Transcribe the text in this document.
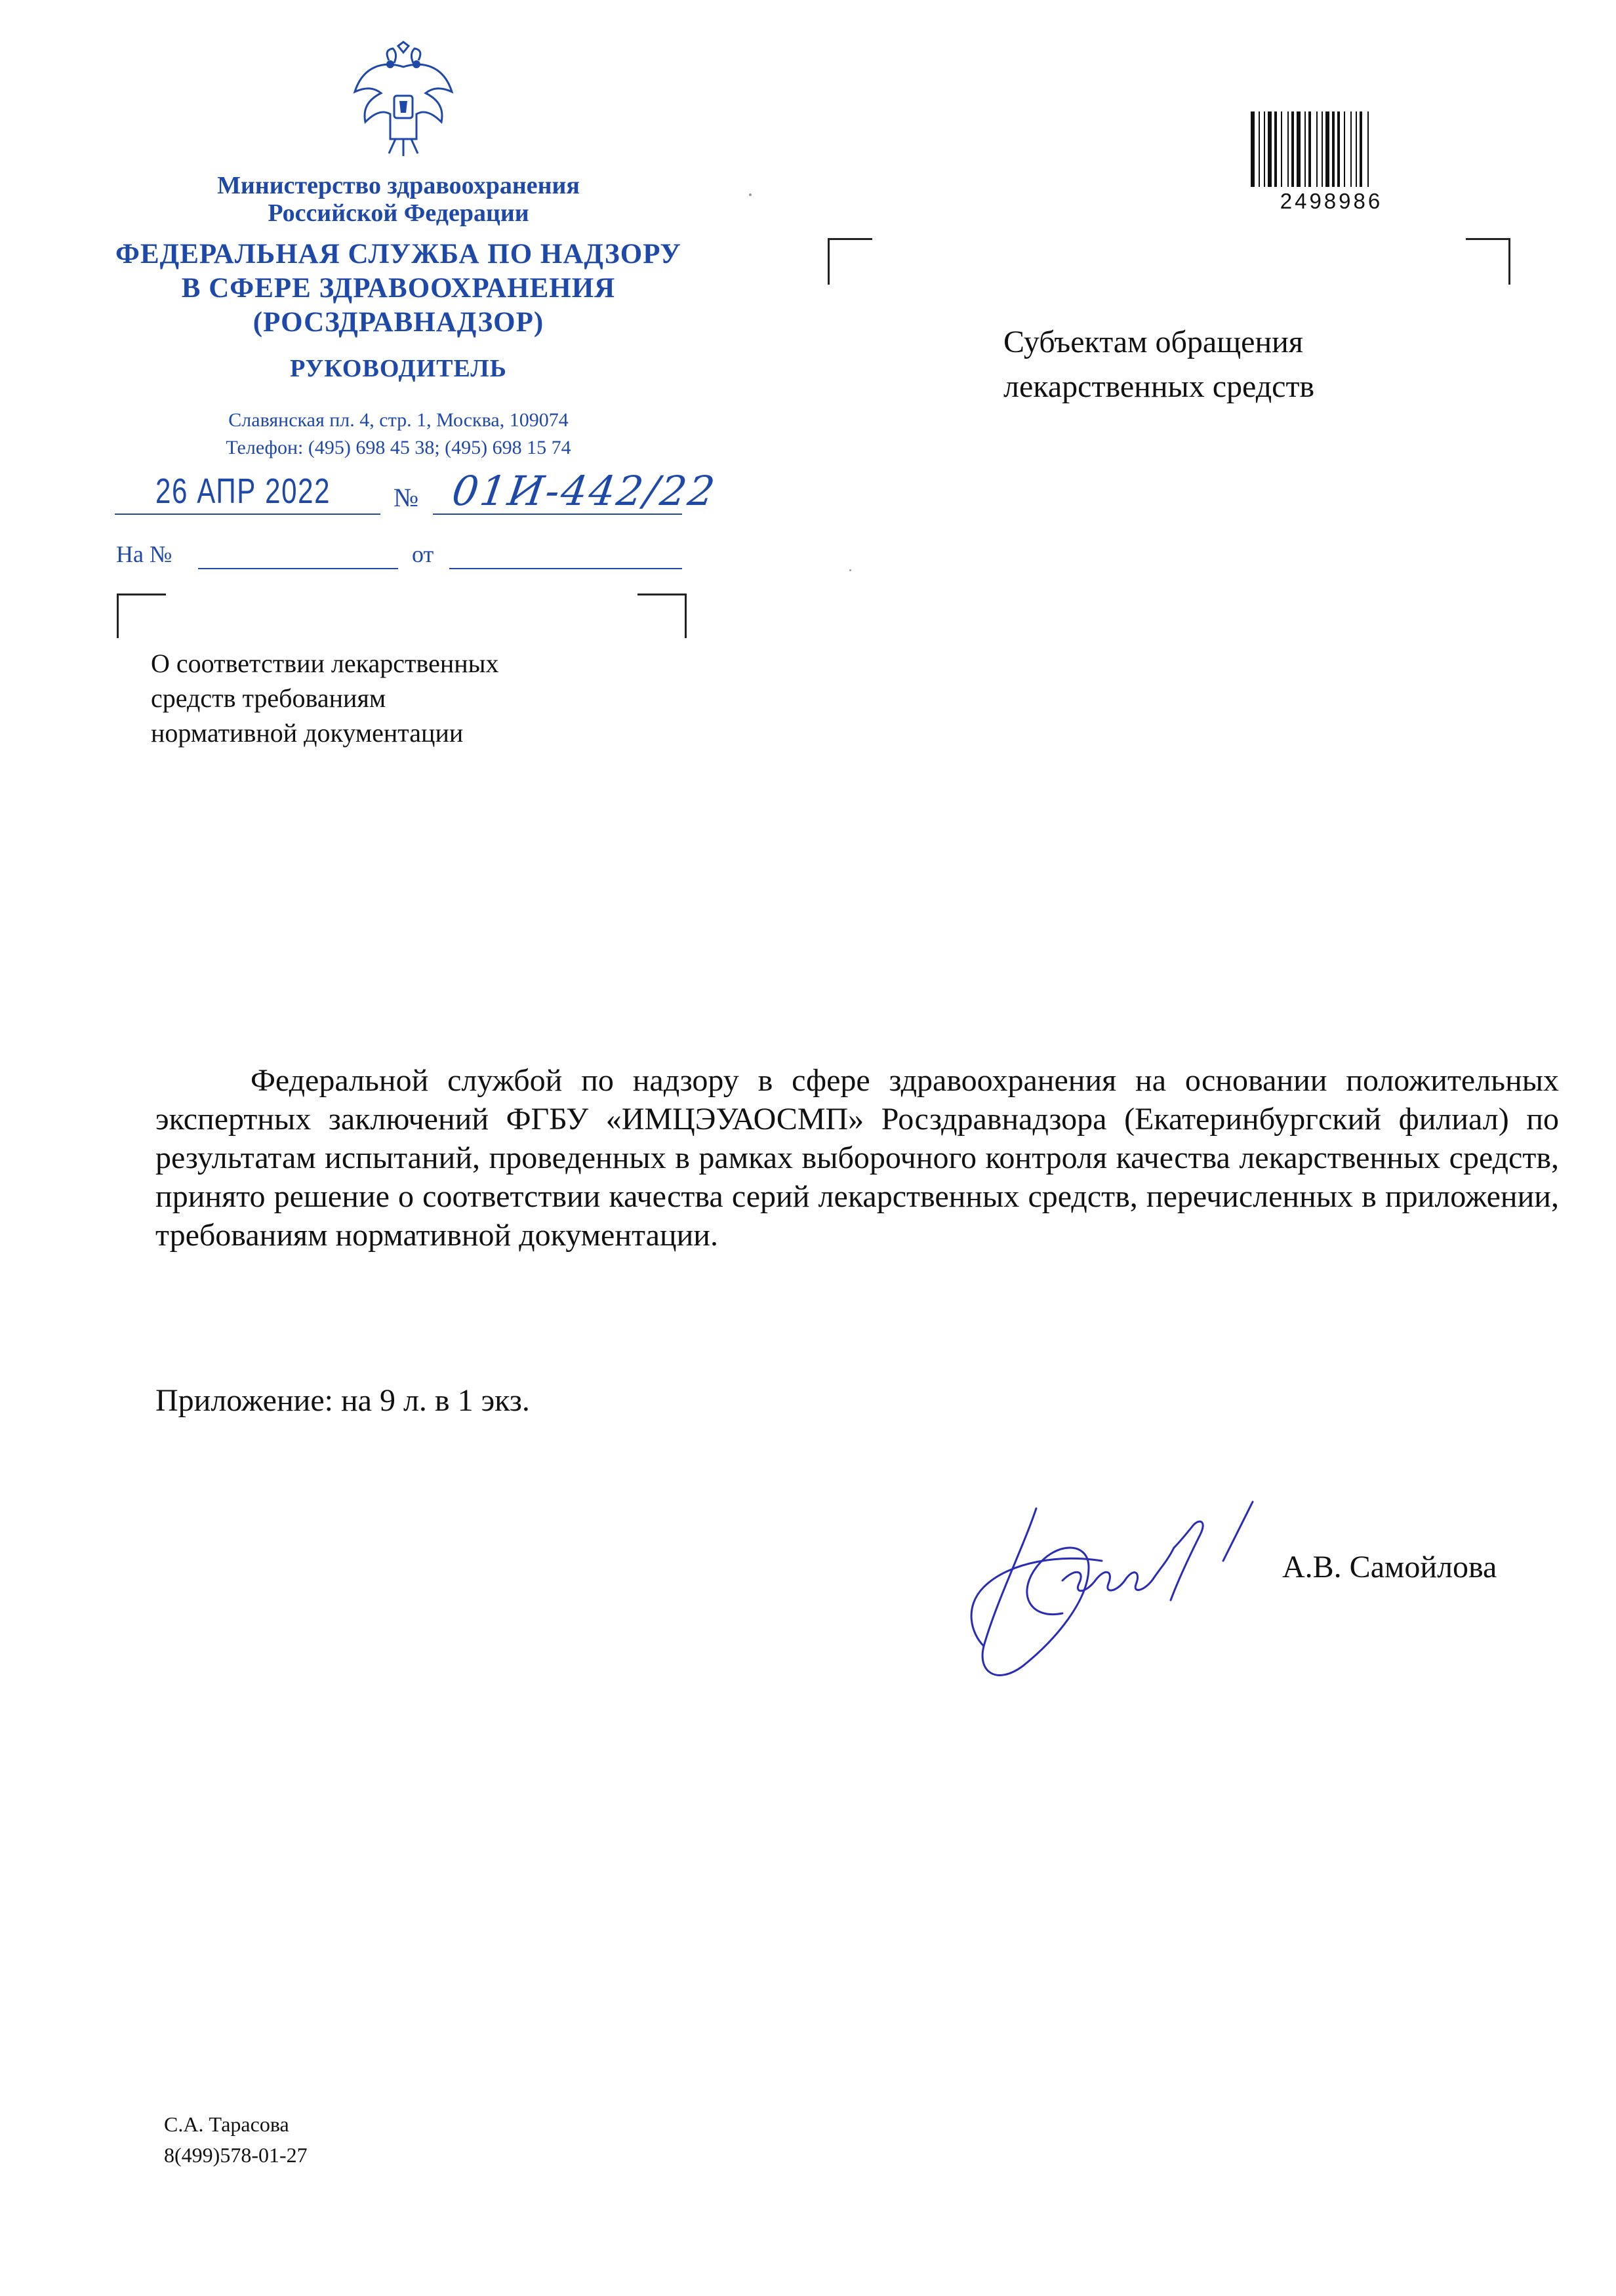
Министерство здравоохранения
Российской Федерации
ФЕДЕРАЛЬНАЯ СЛУЖБА ПО НАДЗОРУ
В СФЕРЕ ЗДРАВООХРАНЕНИЯ
(РОСЗДРАВНАДЗОР)
РУКОВОДИТЕЛЬ
Славянская пл. 4, стр. 1, Москва, 109074
Телефон: (495) 698 45 38; (495) 698 15 74
26 АПР 2022 № 01И-442/22
На №	от
О соответствии лекарственных
средств требованиям
нормативной документации
2498986
Субъектам обращения
лекарственных средств

Федеральной службой по надзору в сфере здравоохранения на основании положительных экспертных заключений ФГБУ «ИМЦЭУАОСМП» Росздравнадзора (Екатеринбургский филиал) по результатам испытаний, проведенных в рамках выборочного контроля качества лекарственных средств, принято решение о соответствии качества серий лекарственных средств, перечисленных в приложении, требованиям нормативной документации.

Приложение: на 9 л. в 1 экз.
А.В. Самойлова
С.А. Тарасова
8(499)578-01-27
